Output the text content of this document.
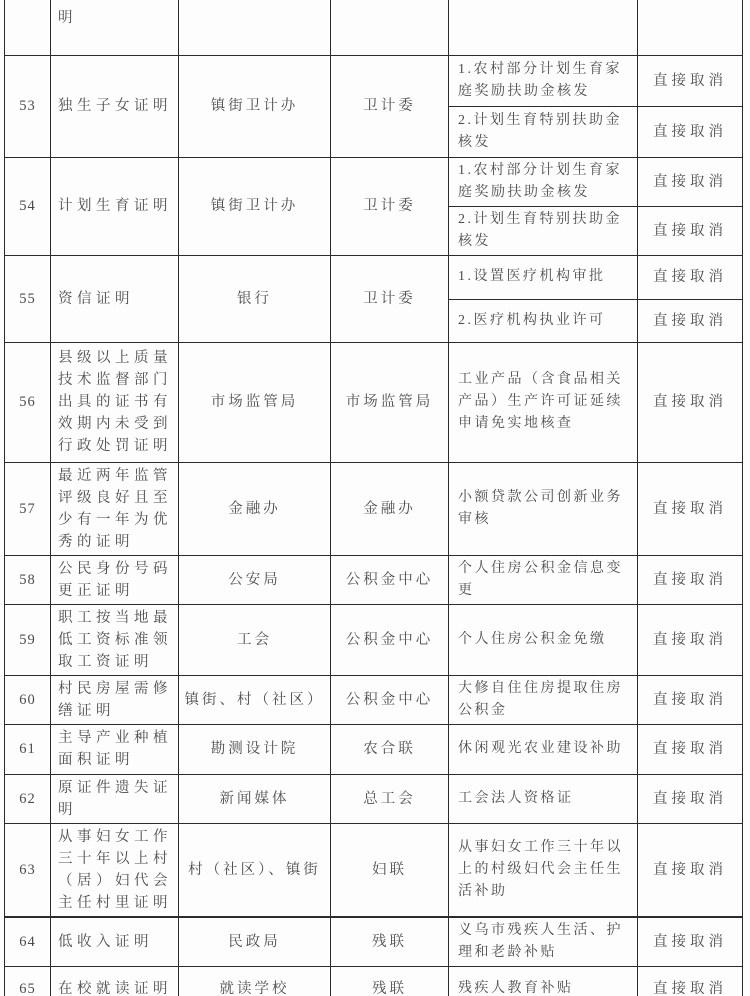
	明				
53	独生子女证明	镇街卫计办	卫计委	1.农村部分计划生育家庭奖励扶助金核发	直接取消
				2.计划生育特别扶助金核发	直接取消
54	计划生育证明	镇街卫计办	卫计委	1.农村部分计划生育家庭奖励扶助金核发	直接取消
				2.计划生育特别扶助金核发	直接取消
55	资信证明	银行	卫计委	1.设置医疗机构审批	直接取消
				2.医疗机构执业许可	直接取消
56	县级以上质量技术监督部门出具的证书有效期内未受到行政处罚证明	市场监管局	市场监管局	工业产品（含食品相关产品）生产许可证延续申请免实地核查	直接取消
57	最近两年监管评级良好且至少有一年为优秀的证明	金融办	金融办	小额贷款公司创新业务审核	直接取消
58	公民身份号码更正证明	公安局	公积金中心	个人住房公积金信息变更	直接取消
59	职工按当地最低工资标准领取工资证明	工会	公积金中心	个人住房公积金免缴	直接取消
60	村民房屋需修缮证明	镇街、村（社区）	公积金中心	大修自住住房提取住房公积金	直接取消
61	主导产业种植面积证明	勘测设计院	农合联	休闲观光农业建设补助	直接取消
62	原证件遗失证明	新闻媒体	总工会	工会法人资格证	直接取消
63	从事妇女工作三十年以上村（居）妇代会主任村里证明	村（社区）、镇街	妇联	从事妇女工作三十年以上的村级妇代会主任生活补助	直接取消
64	低收入证明	民政局	残联	义乌市残疾人生活、护理和老龄补贴	直接取消
65	在校就读证明	就读学校	残联	残疾人教育补贴	直接取消
